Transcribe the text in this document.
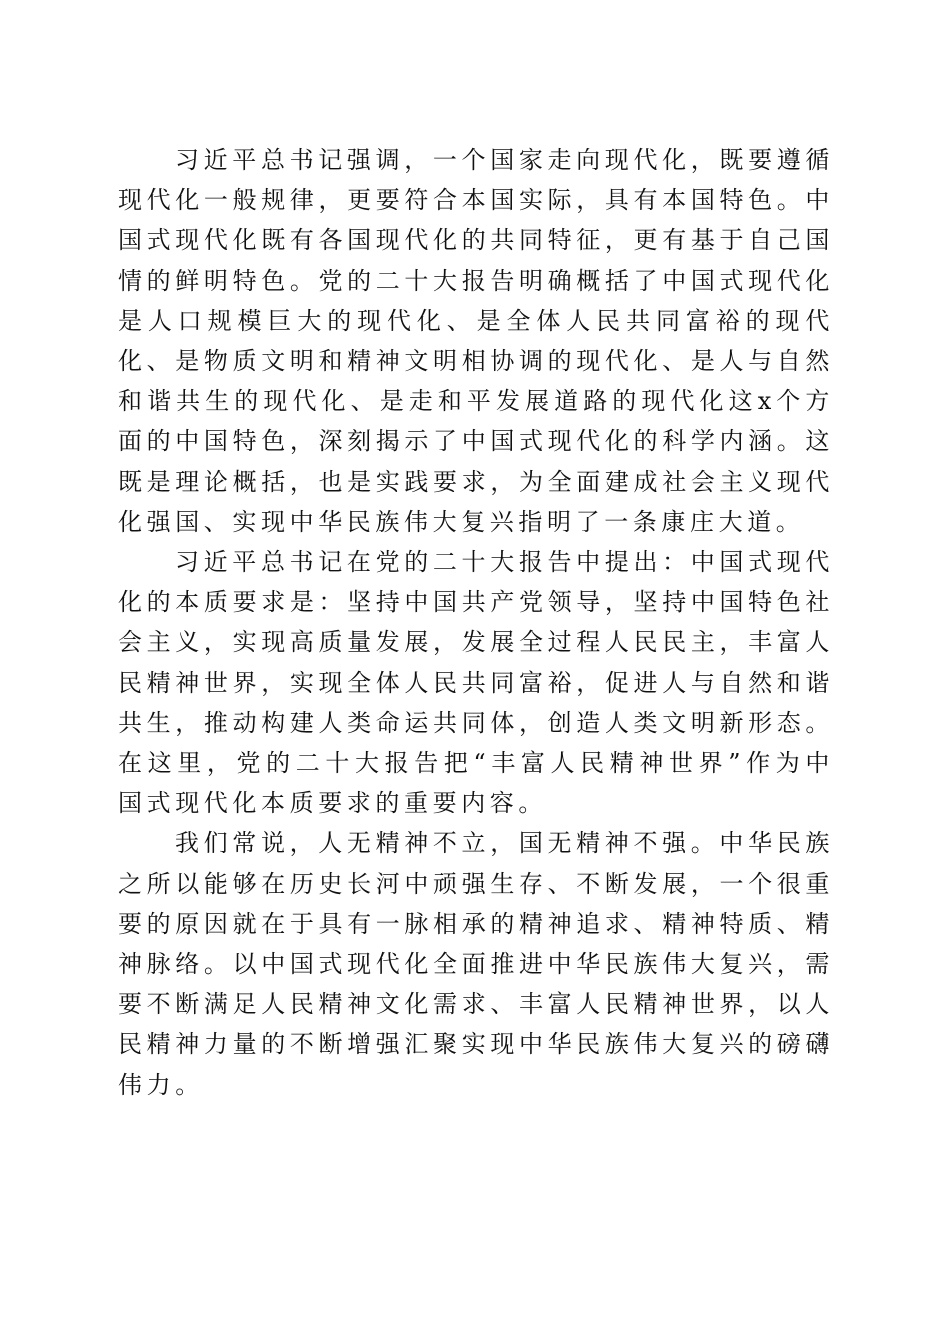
习近平总书记强调，一个国家走向现代化，既要遵循现代化一般规律，更要符合本国实际，具有本国特色。中国式现代化既有各国现代化的共同特征，更有基于自己国情的鲜明特色。党的二十大报告明确概括了中国式现代化是人口规模巨大的现代化、是全体人民共同富裕的现代化、是物质文明和精神文明相协调的现代化、是人与自然和谐共生的现代化、是走和平发展道路的现代化这x个方面的中国特色，深刻揭示了中国式现代化的科学内涵。这既是理论概括，也是实践要求，为全面建成社会主义现代化强国、实现中华民族伟大复兴指明了一条康庄大道。

习近平总书记在党的二十大报告中提出：中国式现代化的本质要求是：坚持中国共产党领导，坚持中国特色社会主义，实现高质量发展，发展全过程人民民主，丰富人民精神世界，实现全体人民共同富裕，促进人与自然和谐共生，推动构建人类命运共同体，创造人类文明新形态。在这里，党的二十大报告把“丰富人民精神世界”作为中国式现代化本质要求的重要内容。

我们常说，人无精神不立，国无精神不强。中华民族之所以能够在历史长河中顽强生存、不断发展，一个很重要的原因就在于具有一脉相承的精神追求、精神特质、精神脉络。以中国式现代化全面推进中华民族伟大复兴，需要不断满足人民精神文化需求、丰富人民精神世界，以人民精神力量的不断增强汇聚实现中华民族伟大复兴的磅礴伟力。
